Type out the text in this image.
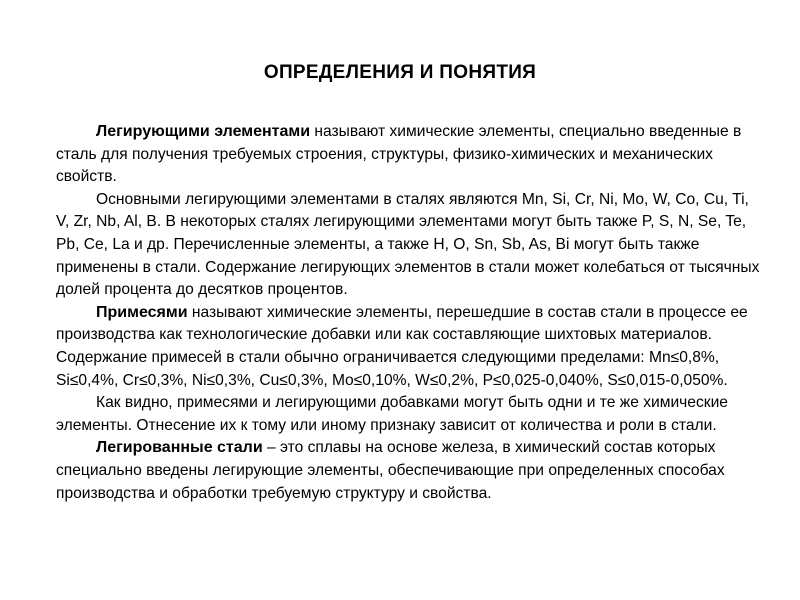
ОПРЕДЕЛЕНИЯ И ПОНЯТИЯ

Легирующими элементами называют химические элементы, специально введенные в сталь для получения требуемых строения, структуры, физико-химических и механических свойств.

Основными легирующими элементами в сталях являются Mn, Si, Cr, Ni, Mo, W, Co, Cu, Ti, V, Zr, Nb, Al, B. В некоторых сталях легирующими элементами могут быть также P, S, N, Se, Te, Pb, Ce, La и др. Перечисленные элементы, а также H, O, Sn, Sb, As, Bi могут быть также применены в стали. Содержание легирующих элементов в стали может колебаться от тысячных долей процента до десятков процентов.

Примесями называют химические элементы, перешедшие в состав стали в процессе ее производства как технологические добавки или как составляющие шихтовых материалов. Содержание примесей в стали обычно ограничивается следующими пределами: Mn≤0,8%, Si≤0,4%, Cr≤0,3%, Ni≤0,3%, Cu≤0,3%, Mo≤0,10%, W≤0,2%, P≤0,025-0,040%, S≤0,015-0,050%.

Как видно, примесями и легирующими добавками могут быть одни и те же химические элементы. Отнесение их к тому или иному признаку зависит от количества и роли в стали.

Легированные стали – это сплавы на основе железа, в химический состав которых специально введены легирующие элементы, обеспечивающие при определенных способах производства и обработки требуемую структуру и свойства.
